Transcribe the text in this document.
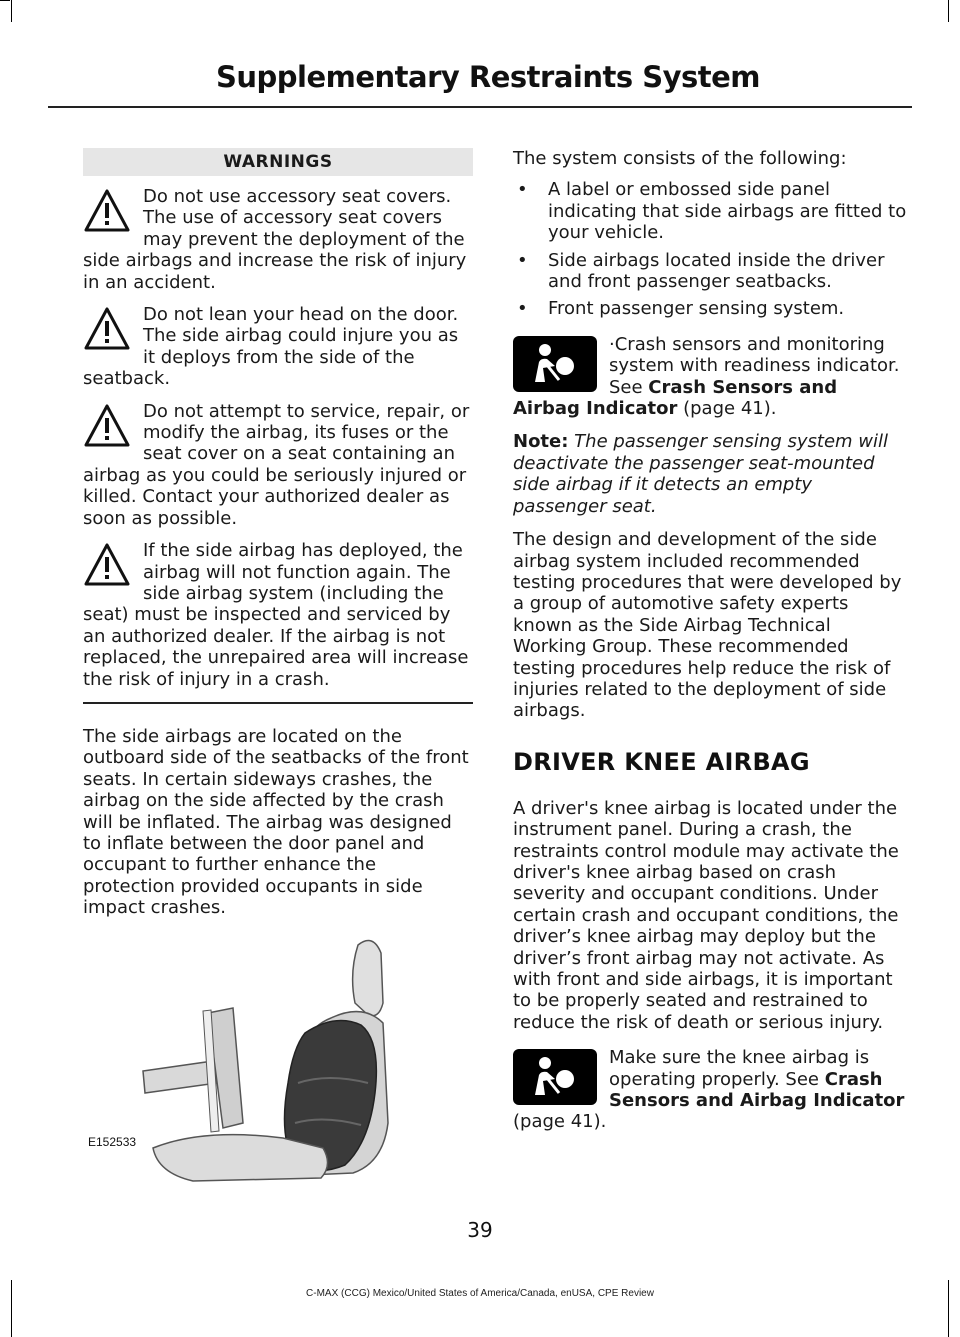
Supplementary Restraints System
WARNINGS

Do not use accessory seat covers. The use of accessory seat covers may prevent the deployment of the side airbags and increase the risk of injury in an accident.

Do not lean your head on the door. The side airbag could injure you as it deploys from the side of the seatback.

Do not attempt to service, repair, or modify the airbag, its fuses or the seat cover on a seat containing an airbag as you could be seriously injured or killed. Contact your authorized dealer as soon as possible.

If the side airbag has deployed, the airbag will not function again. The side airbag system (including the seat) must be inspected and serviced by an authorized dealer. If the airbag is not replaced, the unrepaired area will increase the risk of injury in a crash.

The side airbags are located on the outboard side of the seatbacks of the front seats. In certain sideways crashes, the airbag on the side affected by the crash will be inflated. The airbag was designed to inflate between the door panel and occupant to further enhance the protection provided occupants in side impact crashes.

E152533

The system consists of the following:

• A label or embossed side panel indicating that side airbags are fitted to your vehicle.
• Side airbags located inside the driver and front passenger seatbacks.
• Front passenger sensing system.

·Crash sensors and monitoring system with readiness indicator. See Crash Sensors and Airbag Indicator (page 41).

Note: The passenger sensing system will deactivate the passenger seat-mounted side airbag if it detects an empty passenger seat.

The design and development of the side airbag system included recommended testing procedures that were developed by a group of automotive safety experts known as the Side Airbag Technical Working Group. These recommended testing procedures help reduce the risk of injuries related to the deployment of side airbags.

DRIVER KNEE AIRBAG

A driver's knee airbag is located under the instrument panel. During a crash, the restraints control module may activate the driver's knee airbag based on crash severity and occupant conditions. Under certain crash and occupant conditions, the driver’s knee airbag may deploy but the driver’s front airbag may not activate. As with front and side airbags, it is important to be properly seated and restrained to reduce the risk of death or serious injury.

Make sure the knee airbag is operating properly. See Crash Sensors and Airbag Indicator

(page 41).

39
C-MAX (CCG) Mexico/United States of America/Canada, enUSA, CPE Review
